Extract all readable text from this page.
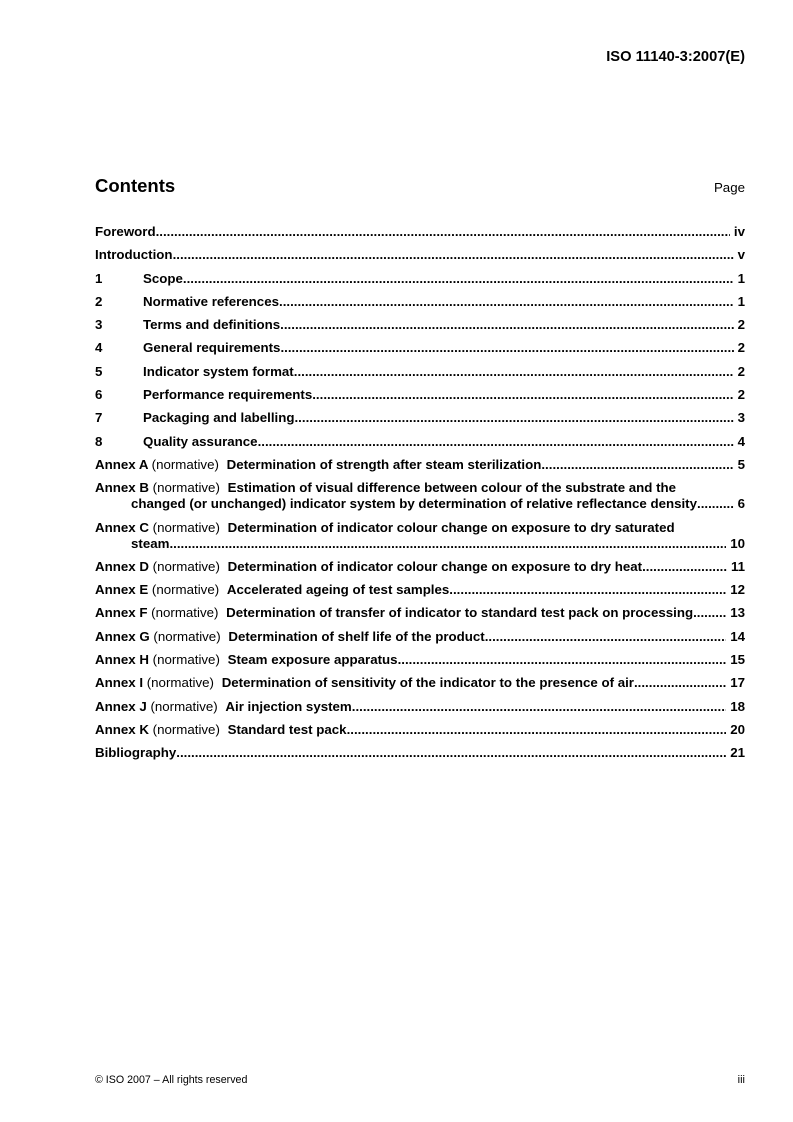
ISO 11140-3:2007(E)
Contents	Page
Foreword .....	iv
Introduction .....	v
1	Scope .....	1
2	Normative references .....	1
3	Terms and definitions .....	2
4	General requirements .....	2
5	Indicator system format .....	2
6	Performance requirements .....	2
7	Packaging and labelling .....	3
8	Quality assurance .....	4
Annex A (normative) Determination of strength after steam sterilization .....	5
Annex B (normative) Estimation of visual difference between colour of the substrate and the
changed (or unchanged) indicator system by determination of relative reflectance density .....	6
Annex C (normative) Determination of indicator colour change on exposure to dry saturated
steam .....	10
Annex D (normative) Determination of indicator colour change on exposure to dry heat .....	11
Annex E (normative) Accelerated ageing of test samples .....	12
Annex F (normative) Determination of transfer of indicator to standard test pack on processing .....	13
Annex G (normative) Determination of shelf life of the product .....	14
Annex H (normative) Steam exposure apparatus .....	15
Annex I (normative) Determination of sensitivity of the indicator to the presence of air .....	17
Annex J (normative) Air injection system .....	18
Annex K (normative) Standard test pack .....	20
Bibliography .....	21
© ISO 2007 – All rights reserved	iii
